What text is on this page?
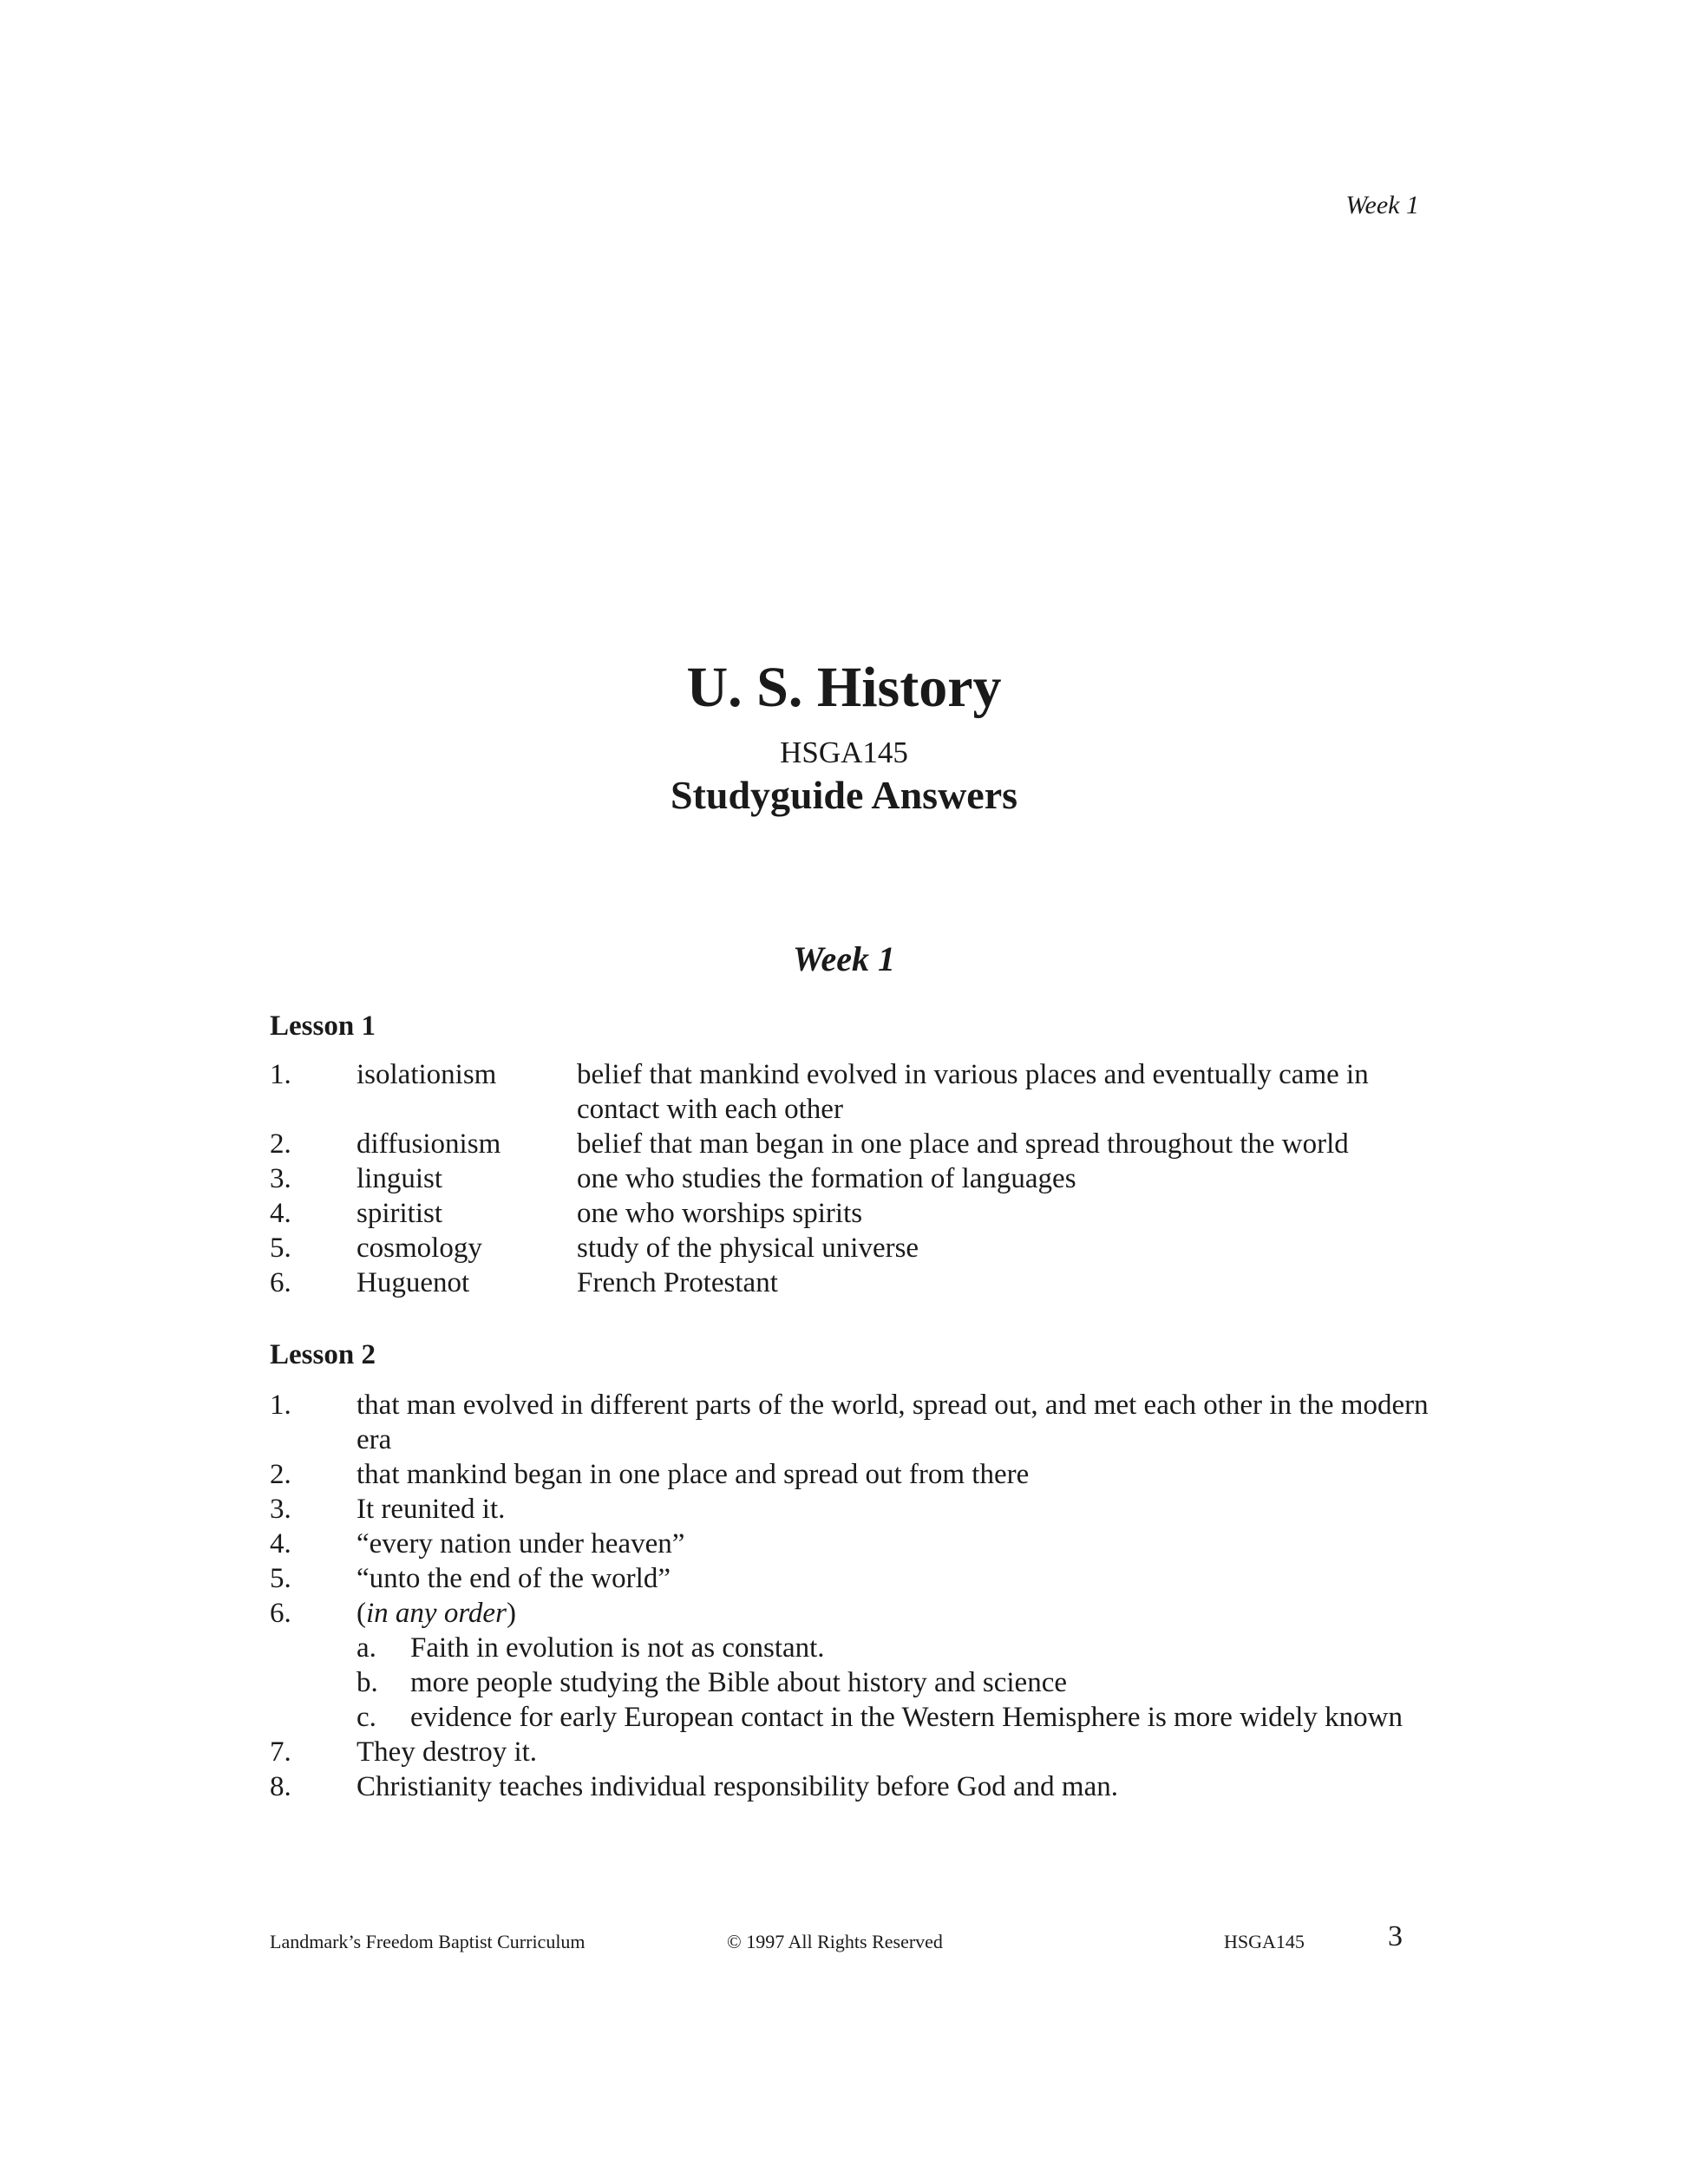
Week 1
U. S. History
HSGA145
Studyguide Answers
Week 1

Lesson 1

1.	isolationism	belief that mankind evolved in various places and eventually came in contact with each other
2.	diffusionism	belief that man began in one place and spread throughout the world
3.	linguist	one who studies the formation of languages
4.	spiritist	one who worships spirits
5.	cosmology	study of the physical universe
6.	Huguenot	French Protestant

Lesson 2

1.	that man evolved in different parts of the world, spread out, and met each other in the modern era
2.	that mankind began in one place and spread out from there
3.	It reunited it.
4.	“every nation under heaven”
5.	“unto the end of the world”
6.	(in any order)
a.	Faith in evolution is not as constant.
b.	more people studying the Bible about history and science
c.	evidence for early European contact in the Western Hemisphere is more widely known
7.	They destroy it.
8.	Christianity teaches individual responsibility before God and man.
Landmark’s Freedom Baptist Curriculum	© 1997 All Rights Reserved	HSGA145	3
